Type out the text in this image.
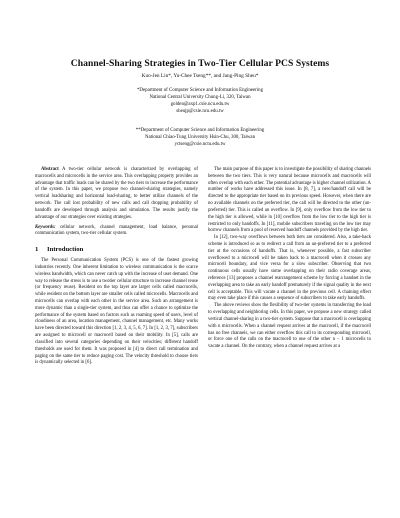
Channel-Sharing Strategies in Two-Tier Cellular PCS Systems
Kuo-Jen Lin*, Yu-Chee Tseng**, and Jang-Ping Sheu*
*Department of Computer Science and Information Engineering
National Central University Chung-Li, 320, Taiwan
golden@axp1.csie.ncu.edu.tw
sheujp@csie.ncu.edu.tw
**Department of Computer Science and Information Engineering
National Chiao-Tung University Hsin-Chu, 300, Taiwan
yctseng@csie.nctu.edu.tw
Abstract A two-tier cellular network is characterized by overlapping of macrocells and microcells in the service area. This overlapping property provides an advantage that traffic loads can be shared by the two tiers to increase the performance of the system. In this paper, we propose two channel-sharing strategies, namely vertical loadsharing and horizontal load-sharing, to better utilize channels of the network. The call lost probability of new calls and call dropping probability of handoffs are developed through analysis and simulation. The results justify the advantage of our strategies over existing strategies.
Keywords: cellular network, channel management, load balance, personal communication system, two-tier cellular system.
1 Introduction
The Personal Communication System (PCS) is one of the fastest growing industries recently. One inherent limitation to wireless communication is the scarce wireless bandwidth, which can never catch up with the increase of user demand. One way to release the stress is to use a twotier cellular structure to increase channel reuse (or frequency reuse). Resident on the top layer are larger cells called macrocells, while resident on the bottom layer are smaller cells called microcells. Macrocells and microcells can overlap with each other in the service area. Such an arrangement is more dynamic than a single-tier system, and thus can offer a chance to optimize the performance of the system based on factors such as roaming speed of users, level of cloudiness of an area, location management, channel management, etc. Many works have been directed toward this direction [1, 2, 3, 4, 5, 6, 7]. In [1, 2, 3, 7], subscribers are assigned to microcell or macrocell based on their mobility. In [5], calls are classified into several categories depending on their velocities; different handoff thresholds are used for them. It was proposed in [4] to direct call termination and paging on the same tier to reduce paging cost. The velocity threshold to choose tiers is dynamically selected in [6].
The main purpose of this paper is to investigate the possibility of sharing channels between the two tiers. This is very natural because microcells and macrocells will often overlap with each other. The potential advantage is higher channel utilization. A number of works have addressed this issue. In [8, 7], a new/handoff call will be directed to the appropriate tier based on its previous speed. However, when there are no available channels on the preferred tier, the call will be directed to the other (un-preferred) tier. This is called an overflow. In [9], only overflow from the low tier to the high tier is allowed, while in [10] overflow from the low tier to the high tier is restricted to only handoffs. In [11], mobile subscribers traveling on the low tier may borrow channels from a pool of reserved handoff channels provided by the high tier.
In [12], two-way overflows between both tiers are considered. Also, a take-back scheme is introduced so as to redirect a call from an un-preferred tier to a preferred tier at the occasions of handoffs. That is, whenever possible, a fast subscriber overflowed to a microcell will be taken back to a macrocell when it crosses any microcell boundary, and vice versa for a slow subscriber. Observing that two continuous cells usually have some overlapping on their radio coverage areas, reference [13] proposes a channel rearrangement scheme by forcing a handset in the overlapping area to take an early handoff prematurely if the signal quality in the next cell is acceptable. This will vacate a channel in the previous cell. A chaining effect may even take place if this causes a sequence of subscribers to take early handoffs.
The above reviews show the flexibility of two-tier systems in transferring the load to overlapping and neighboring cells. In this paper, we propose a new strategy called vertical channel-sharing in a two-tier system. Suppose that a macrocell is overlapping with n microcells. When a channel request arrives at the macrocell, if the macrocell has no free channels, we can either overflow this call to its corresponding microcell, or force one of the calls on the macrocell to one of the other n − 1 microcells to vacate a channel. On the contrary, when a channel request arrives at a
